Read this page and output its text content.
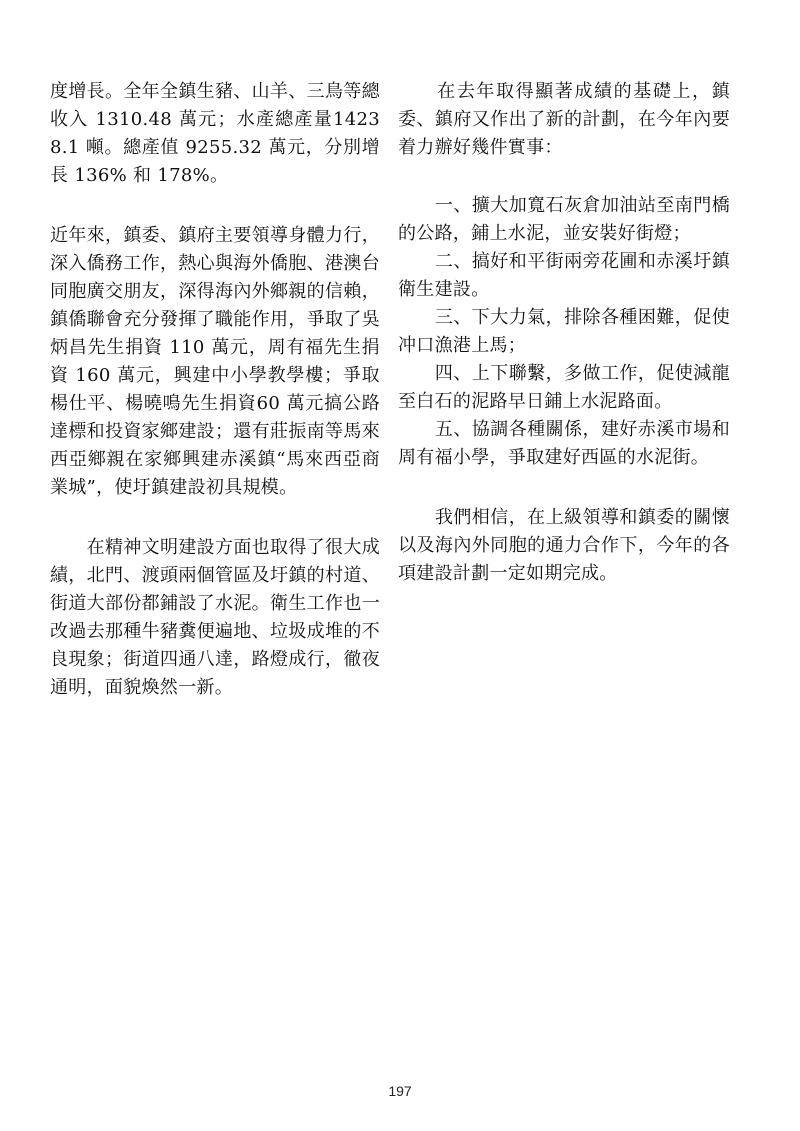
度增長。全年全鎮生豬、山羊、三鳥等總收入 1310.48 萬元；水產總產量14238.1 噸。總產值 9255.32 萬元，分別增長 136% 和 178%。

近年來，鎮委、鎮府主要領導身體力行，深入僑務工作，熱心與海外僑胞、港澳台同胞廣交朋友，深得海內外鄉親的信賴，鎮僑聯會充分發揮了職能作用，爭取了吳炳昌先生捐資 110 萬元，周有福先生捐資 160 萬元，興建中小學教學樓；爭取楊仕平、楊曉鳴先生捐資60 萬元搞公路達標和投資家鄉建設；還有莊振南等馬來西亞鄉親在家鄉興建赤溪鎮“馬來西亞商業城”，使圩鎮建設初具規模。

　　在精神文明建設方面也取得了很大成績，北門、渡頭兩個管區及圩鎮的村道、街道大部份都鋪設了水泥。衛生工作也一改過去那種牛豬糞便遍地、垃圾成堆的不良現象；街道四通八達，路燈成行，徹夜通明，面貌煥然一新。

　　在去年取得顯著成績的基礎上，鎮委、鎮府又作出了新的計劃，在今年內要着力辦好幾件實事：

　　一、擴大加寬石灰倉加油站至南門橋的公路，鋪上水泥，並安裝好街燈；

　　二、搞好和平街兩旁花圃和赤溪圩鎮衛生建設。

　　三、下大力氣，排除各種困難，促使冲口漁港上馬；

　　四、上下聯繫，多做工作，促使減龍至白石的泥路早日鋪上水泥路面。

　　五、協調各種關係，建好赤溪市場和周有福小學，爭取建好西區的水泥街。

　　我們相信，在上級領導和鎮委的關懷以及海內外同胞的通力合作下，今年的各項建設計劃一定如期完成。

197
